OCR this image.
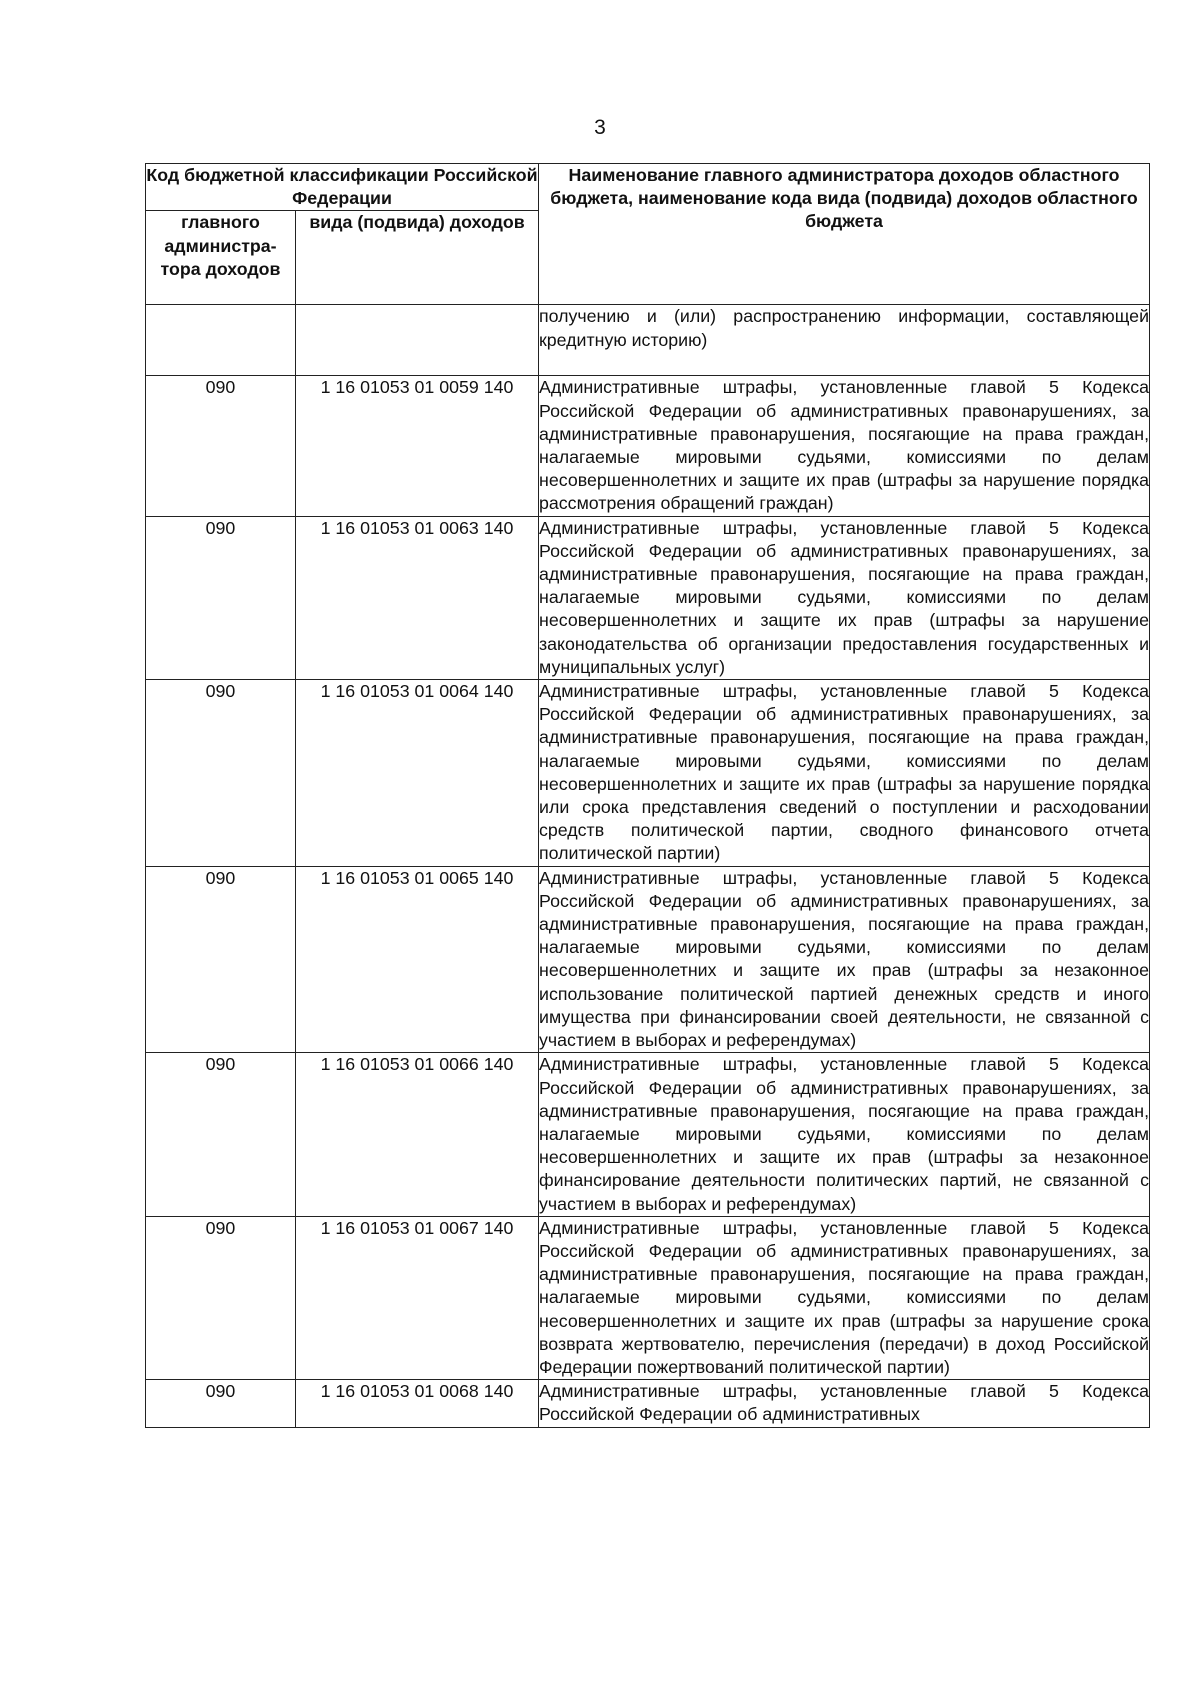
3
Код бюджетной классификации Российской Федерации		Наименование главного администратора доходов областного бюджета, наименование кода вида (подвида) доходов областного бюджета
главного администра-тора доходов	вида (подвида) доходов	
		получению и (или) распространению информации, составляющей кредитную историю)
090	1 16 01053 01 0059 140	Административные штрафы, установленные главой 5 Кодекса Российской Федерации об административных правонарушениях, за административные правонарушения, посягающие на права граждан, налагаемые мировыми судьями, комиссиями по делам несовершеннолетних и защите их прав (штрафы за нарушение порядка рассмотрения обращений граждан)
090	1 16 01053 01 0063 140	Административные штрафы, установленные главой 5 Кодекса Российской Федерации об административных правонарушениях, за административные правонарушения, посягающие на права граждан, налагаемые мировыми судьями, комиссиями по делам несовершеннолетних и защите их прав (штрафы за нарушение законодательства об организации предоставления государственных и муниципальных услуг)
090	1 16 01053 01 0064 140	Административные штрафы, установленные главой 5 Кодекса Российской Федерации об административных правонарушениях, за административные правонарушения, посягающие на права граждан, налагаемые мировыми судьями, комиссиями по делам несовершеннолетних и защите их прав (штрафы за нарушение порядка или срока представления сведений о поступлении и расходовании средств политической партии, сводного финансового отчета политической партии)
090	1 16 01053 01 0065 140	Административные штрафы, установленные главой 5 Кодекса Российской Федерации об административных правонарушениях, за административные правонарушения, посягающие на права граждан, налагаемые мировыми судьями, комиссиями по делам несовершеннолетних и защите их прав (штрафы за незаконное использование политической партией денежных средств и иного имущества при финансировании своей деятельности, не связанной с участием в выборах и референдумах)
090	1 16 01053 01 0066 140	Административные штрафы, установленные главой 5 Кодекса Российской Федерации об административных правонарушениях, за административные правонарушения, посягающие на права граждан, налагаемые мировыми судьями, комиссиями по делам несовершеннолетних и защите их прав (штрафы за незаконное финансирование деятельности политических партий, не связанной с участием в выборах и референдумах)
090	1 16 01053 01 0067 140	Административные штрафы, установленные главой 5 Кодекса Российской Федерации об административных правонарушениях, за административные правонарушения, посягающие на права граждан, налагаемые мировыми судьями, комиссиями по делам несовершеннолетних и защите их прав (штрафы за нарушение срока возврата жертвователю, перечисления (передачи) в доход Российской Федерации пожертвований политической партии)
090	1 16 01053 01 0068 140	Административные штрафы, установленные главой 5 Кодекса Российской Федерации об административных
